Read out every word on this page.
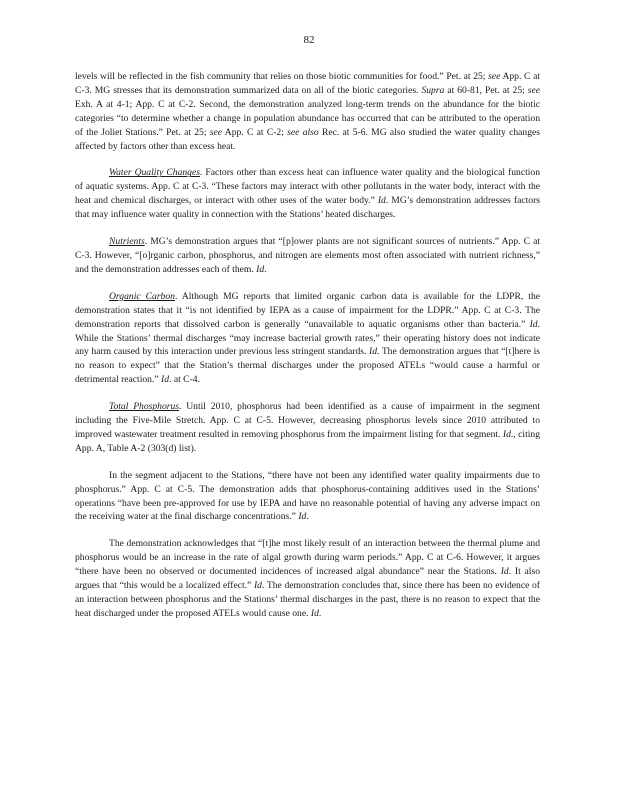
82

levels will be reflected in the fish community that relies on those biotic communities for food.” Pet. at 25; see App. C at C-3. MG stresses that its demonstration summarized data on all of the biotic categories. Supra at 60-81, Pet. at 25; see Exh. A at 4-1; App. C at C-2. Second, the demonstration analyzed long-term trends on the abundance for the biotic categories “to determine whether a change in population abundance has occurred that can be attributed to the operation of the Joliet Stations.” Pet. at 25; see App. C at C-2; see also Rec. at 5-6. MG also studied the water quality changes affected by factors other than excess heat.

Water Quality Changes. Factors other than excess heat can influence water quality and the biological function of aquatic systems. App. C at C-3. “These factors may interact with other pollutants in the water body, interact with the heat and chemical discharges, or interact with other uses of the water body.” Id. MG’s demonstration addresses factors that may influence water quality in connection with the Stations’ heated discharges.

Nutrients. MG’s demonstration argues that “[p]ower plants are not significant sources of nutrients.” App. C at C-3. However, “[o]rganic carbon, phosphorus, and nitrogen are elements most often associated with nutrient richness,” and the demonstration addresses each of them. Id.

Organic Carbon. Although MG reports that limited organic carbon data is available for the LDPR, the demonstration states that it “is not identified by IEPA as a cause of impairment for the LDPR.” App. C at C-3. The demonstration reports that dissolved carbon is generally “unavailable to aquatic organisms other than bacteria.” Id. While the Stations’ thermal discharges “may increase bacterial growth rates,” their operating history does not indicate any harm caused by this interaction under previous less stringent standards. Id. The demonstration argues that “[t]here is no reason to expect” that the Station’s thermal discharges under the proposed ATELs “would cause a harmful or detrimental reaction.” Id. at C-4.

Total Phosphorus. Until 2010, phosphorus had been identified as a cause of impairment in the segment including the Five-Mile Stretch. App. C at C-5. However, decreasing phosphorus levels since 2010 attributed to improved wastewater treatment resulted in removing phosphorus from the impairment listing for that segment. Id., citing App. A, Table A-2 (303(d) list).

In the segment adjacent to the Stations, “there have not been any identified water quality impairments due to phosphorus.” App. C at C-5. The demonstration adds that phosphorus-containing additives used in the Stations’ operations “have been pre-approved for use by IEPA and have no reasonable potential of having any adverse impact on the receiving water at the final discharge concentrations.” Id.

The demonstration acknowledges that “[t]he most likely result of an interaction between the thermal plume and phosphorus would be an increase in the rate of algal growth during warm periods.” App. C at C-6. However, it argues “there have been no observed or documented incidences of increased algal abundance” near the Stations. Id. It also argues that “this would be a localized effect.” Id. The demonstration concludes that, since there has been no evidence of an interaction between phosphorus and the Stations’ thermal discharges in the past, there is no reason to expect that the heat discharged under the proposed ATELs would cause one. Id.
